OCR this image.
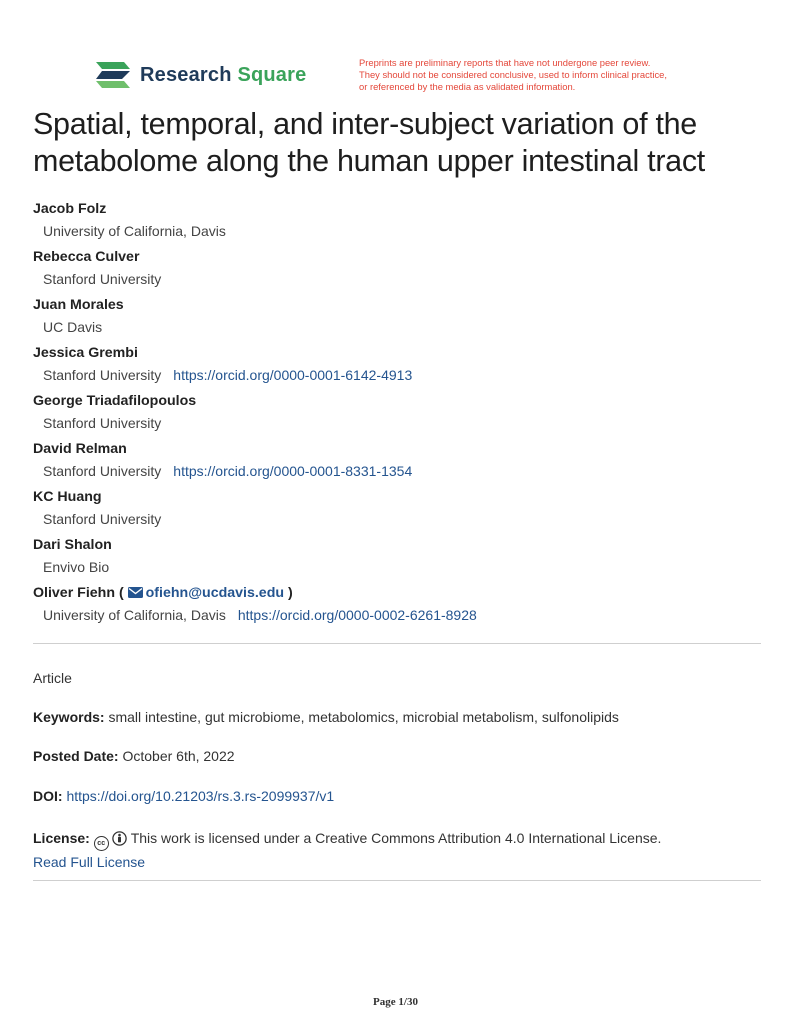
Research Square
Preprints are preliminary reports that have not undergone peer review.
They should not be considered conclusive, used to inform clinical practice,
or referenced by the media as validated information.
Spatial, temporal, and inter-subject variation of the
metabolome along the human upper intestinal tract
Jacob Folz
University of California, Davis
Rebecca Culver
Stanford University
Juan Morales
UC Davis
Jessica Grembi
Stanford University https://orcid.org/0000-0001-6142-4913
George Triadafilopoulos
Stanford University
David Relman
Stanford University https://orcid.org/0000-0001-8331-1354
KC Huang
Stanford University
Dari Shalon
Envivo Bio
Oliver Fiehn ( ofiehn@ucdavis.edu )
University of California, Davis https://orcid.org/0000-0002-6261-8928
Article
Keywords: small intestine, gut microbiome, metabolomics, microbial metabolism, sulfonolipids
Posted Date: October 6th, 2022
DOI: https://doi.org/10.21203/rs.3.rs-2099937/v1
License: cc This work is licensed under a Creative Commons Attribution 4.0 International License.
Read Full License
Page 1/30
